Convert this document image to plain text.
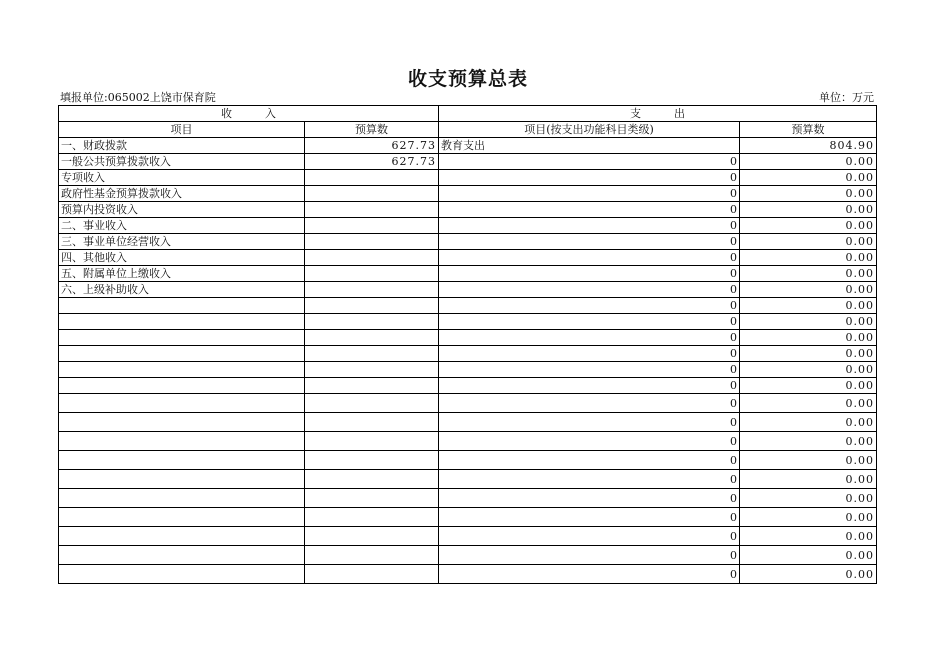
收支预算总表
填报单位:065002上饶市保育院	单位：万元
收　　　入		支　　　出	
项目	预算数	项目(按支出功能科目类级)	预算数
一、财政拨款	627.73	教育支出	804.90
一般公共预算拨款收入	627.73	0	0.00
专项收入		0	0.00
政府性基金预算拨款收入		0	0.00
预算内投资收入		0	0.00
二、事业收入		0	0.00
三、事业单位经营收入		0	0.00
四、其他收入		0	0.00
五、附属单位上缴收入		0	0.00
六、上级补助收入		0	0.00

		0	0.00

		0	0.00

		0	0.00

		0	0.00

		0	0.00

		0	0.00

		0	0.00

		0	0.00

		0	0.00

		0	0.00

		0	0.00

		0	0.00

		0	0.00

		0	0.00

		0	0.00

		0	0.00
